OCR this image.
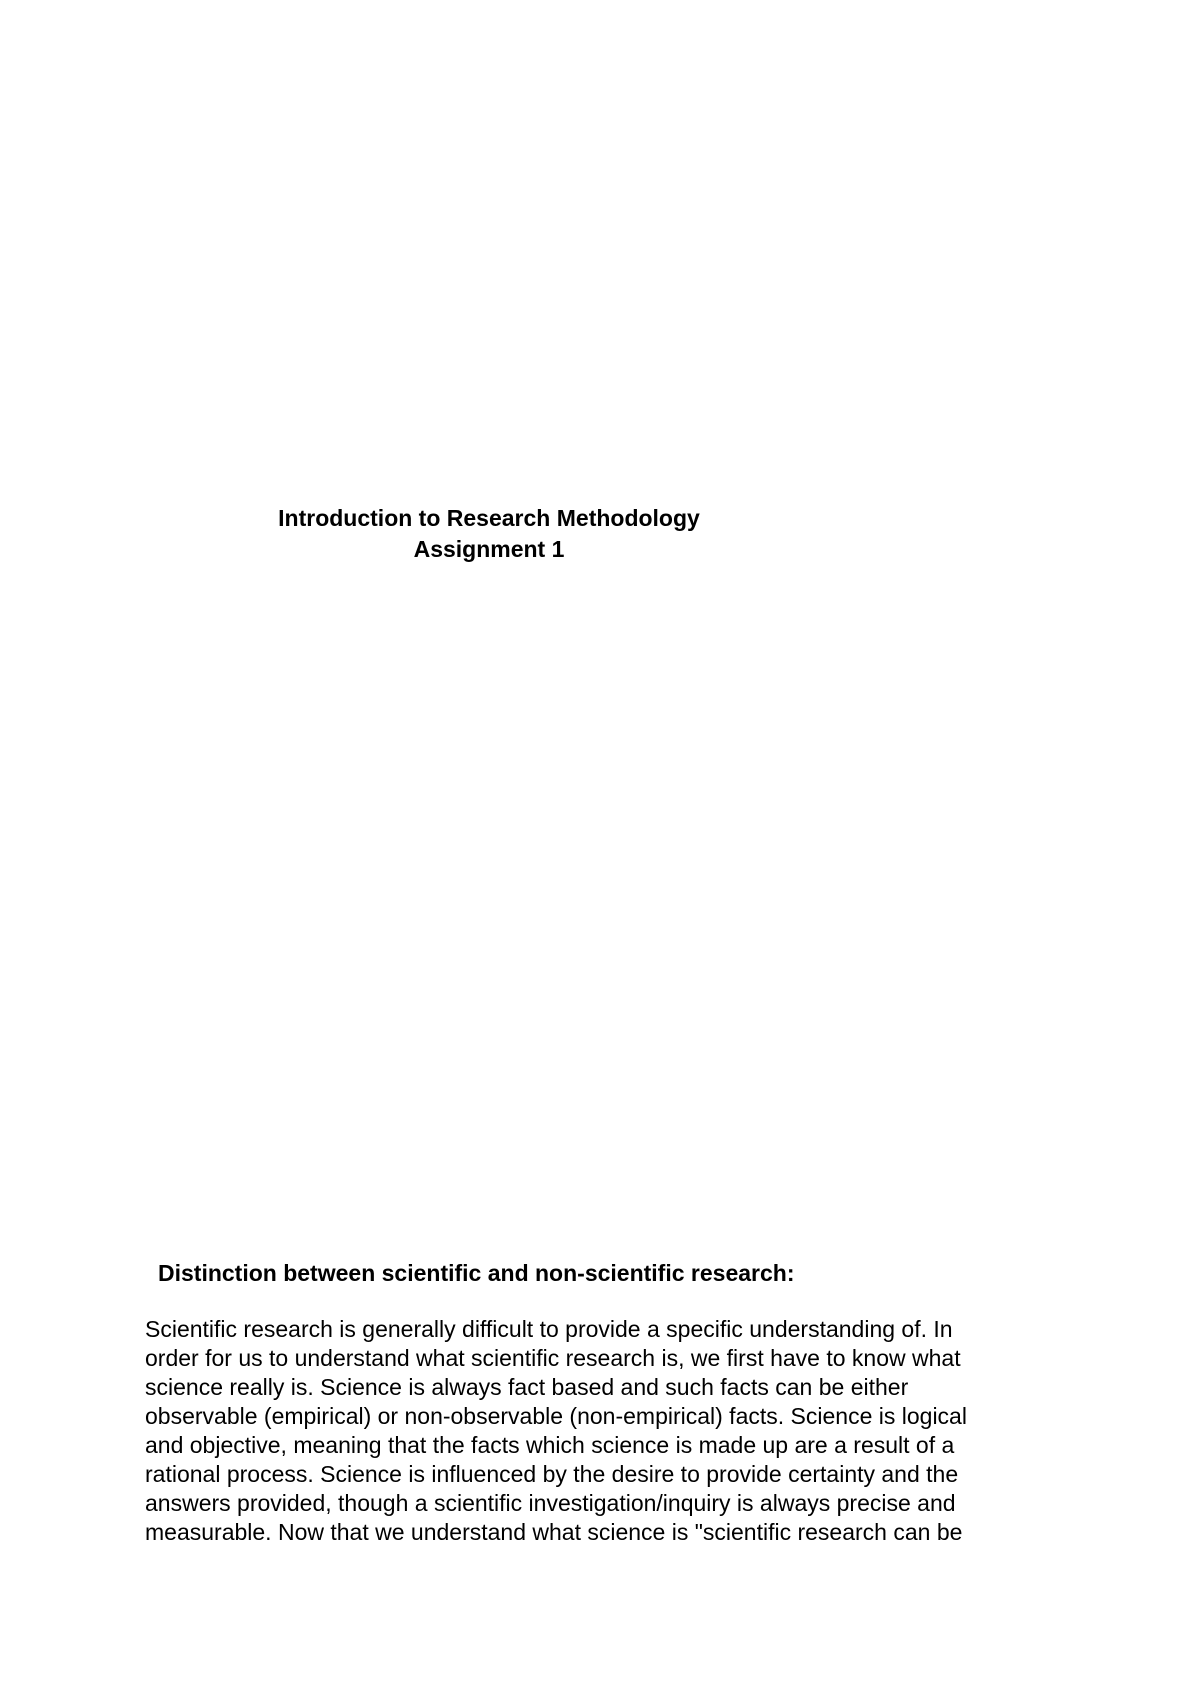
Introduction to Research Methodology
Assignment 1
Distinction between scientific and non-scientific research:
Scientific research is generally difficult to provide a specific understanding of. In
order for us to understand what scientific research is, we first have to know what
science really is. Science is always fact based and such facts can be either
observable (empirical) or non-observable (non-empirical) facts. Science is logical
and objective, meaning that the facts which science is made up are a result of a
rational process. Science is influenced by the desire to provide certainty and the
answers provided, though a scientific investigation/inquiry is always precise and
measurable. Now that we understand what science is "scientific research can be
